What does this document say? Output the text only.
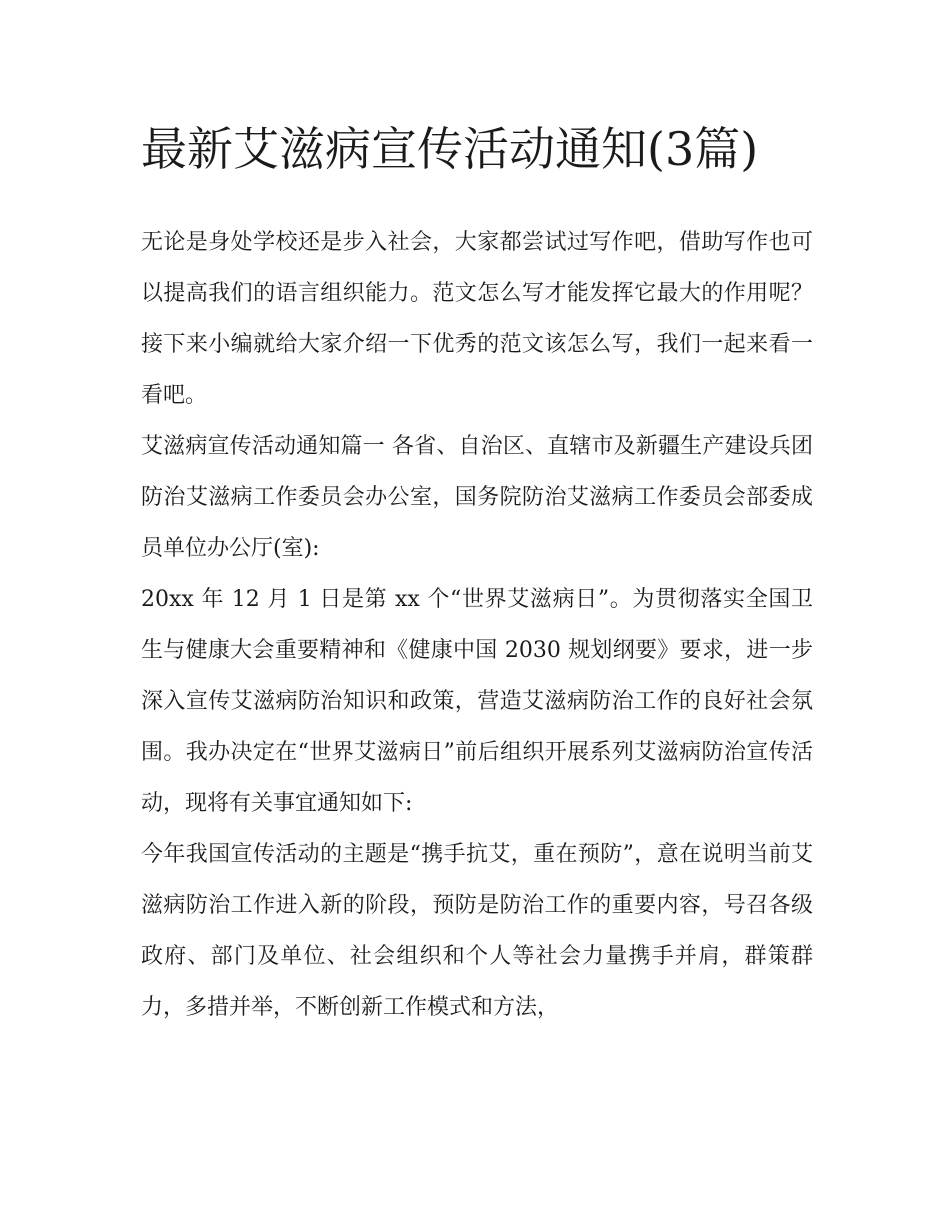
最新艾滋病宣传活动通知(3篇)

无论是身处学校还是步入社会，大家都尝试过写作吧，借助写作也可以提高我们的语言组织能力。范文怎么写才能发挥它最大的作用呢？接下来小编就给大家介绍一下优秀的范文该怎么写，我们一起来看一看吧。

艾滋病宣传活动通知篇一 各省、自治区、直辖市及新疆生产建设兵团防治艾滋病工作委员会办公室，国务院防治艾滋病工作委员会部委成员单位办公厅(室):

20xx 年 12 月 1 日是第 xx 个“世界艾滋病日”。为贯彻落实全国卫生与健康大会重要精神和《健康中国 2030 规划纲要》要求，进一步深入宣传艾滋病防治知识和政策，营造艾滋病防治工作的良好社会氛围。我办决定在“世界艾滋病日”前后组织开展系列艾滋病防治宣传活动，现将有关事宜通知如下:

今年我国宣传活动的主题是“携手抗艾，重在预防”，意在说明当前艾滋病防治工作进入新的阶段，预防是防治工作的重要内容，号召各级政府、部门及单位、社会组织和个人等社会力量携手并肩，群策群力，多措并举，不断创新工作模式和方法，
